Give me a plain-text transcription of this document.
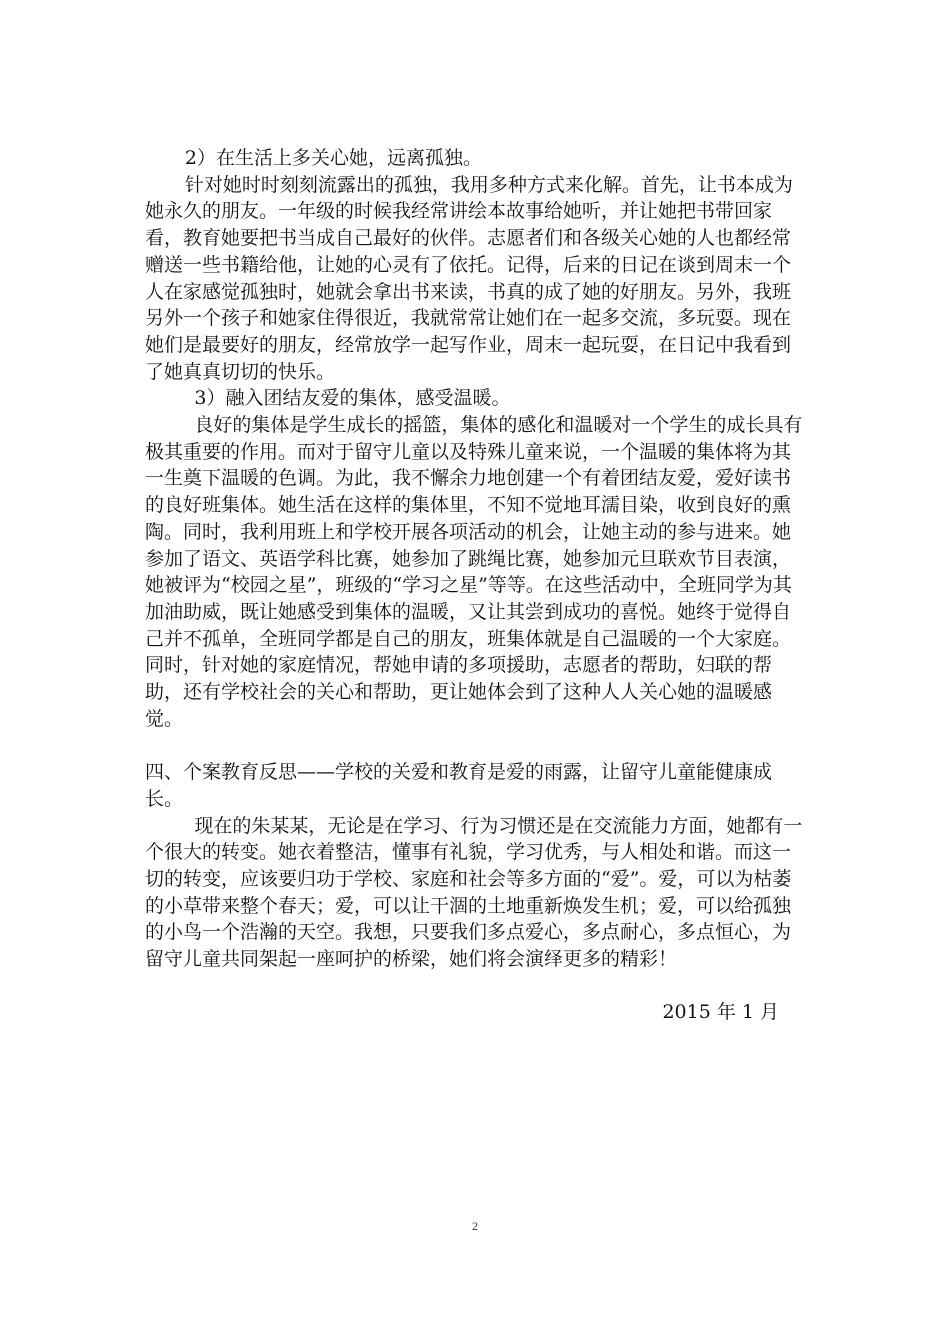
2）在生活上多关心她，远离孤独。

针对她时时刻刻流露出的孤独，我用多种方式来化解。首先，让书本成为她永久的朋友。一年级的时候我经常讲绘本故事给她听，并让她把书带回家看，教育她要把书当成自己最好的伙伴。志愿者们和各级关心她的人也都经常赠送一些书籍给他，让她的心灵有了依托。记得，后来的日记在谈到周末一个人在家感觉孤独时，她就会拿出书来读，书真的成了她的好朋友。另外，我班另外一个孩子和她家住得很近，我就常常让她们在一起多交流，多玩耍。现在她们是最要好的朋友，经常放学一起写作业，周末一起玩耍，在日记中我看到了她真真切切的快乐。

3）融入团结友爱的集体，感受温暖。

良好的集体是学生成长的摇篮，集体的感化和温暖对一个学生的成长具有极其重要的作用。而对于留守儿童以及特殊儿童来说，一个温暖的集体将为其一生奠下温暖的色调。为此，我不懈余力地创建一个有着团结友爱，爱好读书的良好班集体。她生活在这样的集体里，不知不觉地耳濡目染，收到良好的熏陶。同时，我利用班上和学校开展各项活动的机会，让她主动的参与进来。她参加了语文、英语学科比赛，她参加了跳绳比赛，她参加元旦联欢节目表演，她被评为“校园之星”，班级的“学习之星”等等。在这些活动中，全班同学为其加油助威，既让她感受到集体的温暖，又让其尝到成功的喜悦。她终于觉得自己并不孤单，全班同学都是自己的朋友，班集体就是自己温暖的一个大家庭。同时，针对她的家庭情况，帮她申请的多项援助，志愿者的帮助，妇联的帮助，还有学校社会的关心和帮助，更让她体会到了这种人人关心她的温暖感觉。

四、个案教育反思——学校的关爱和教育是爱的雨露，让留守儿童能健康成长。

现在的朱某某，无论是在学习、行为习惯还是在交流能力方面，她都有一个很大的转变。她衣着整洁，懂事有礼貌，学习优秀，与人相处和谐。而这一切的转变，应该要归功于学校、家庭和社会等多方面的“爱”。爱，可以为枯萎的小草带来整个春天；爱，可以让干涸的土地重新焕发生机；爱，可以给孤独的小鸟一个浩瀚的天空。我想，只要我们多点爱心，多点耐心，多点恒心，为留守儿童共同架起一座呵护的桥梁，她们将会演绎更多的精彩！

2015 年 1 月

2
